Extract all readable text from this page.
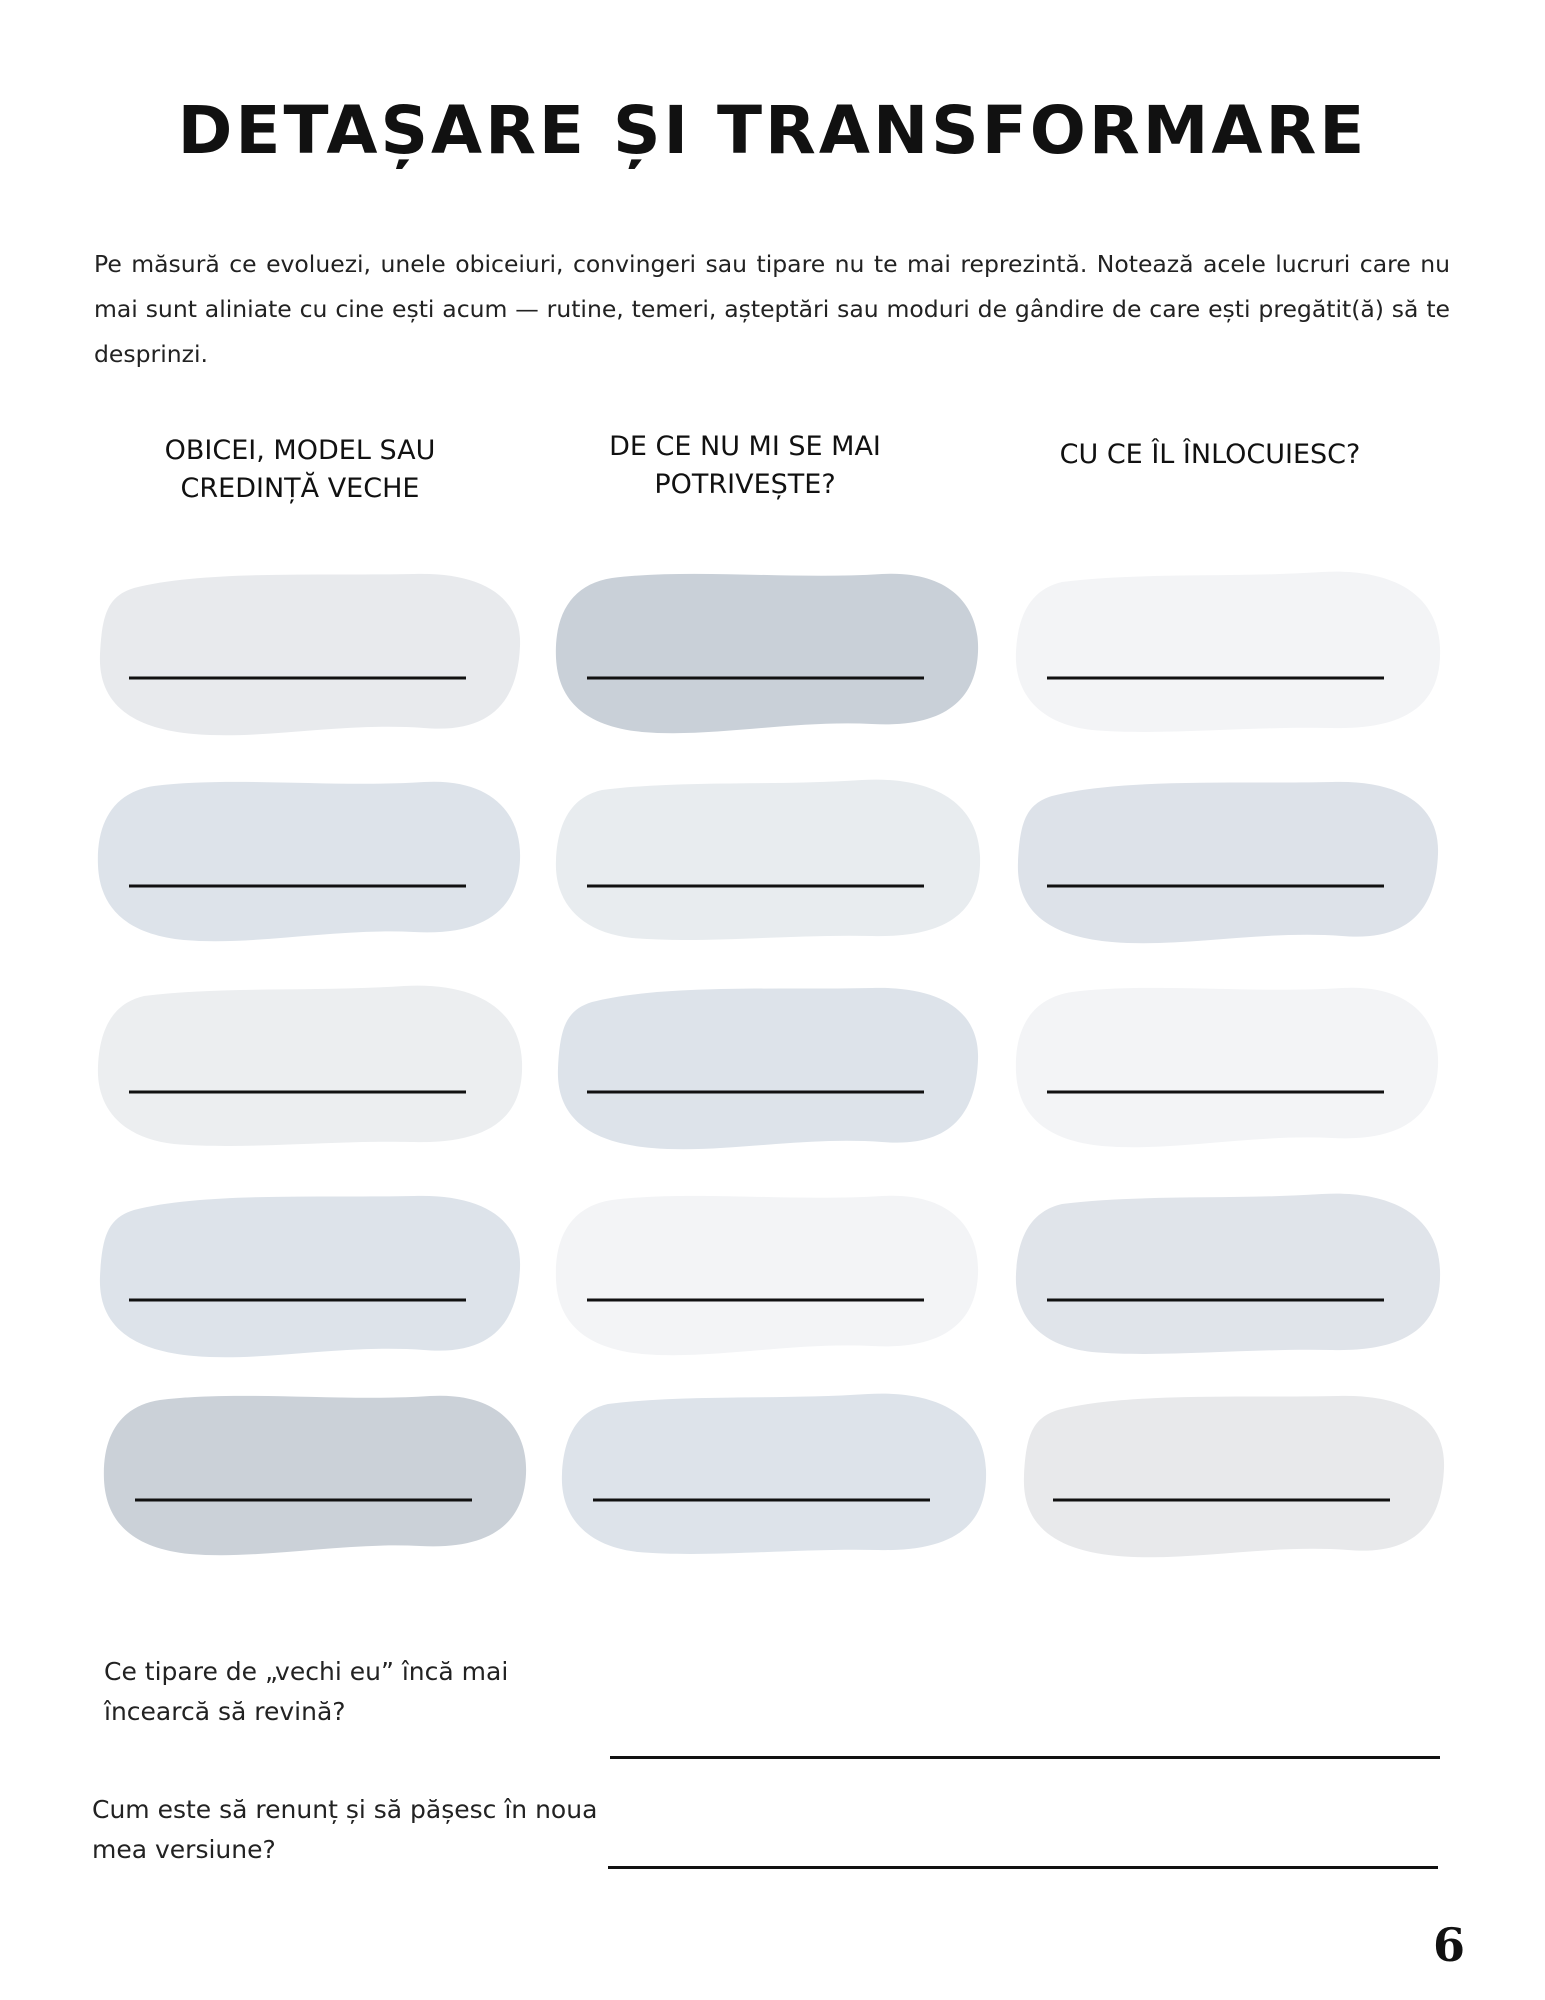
DETAȘARE ȘI TRANSFORMARE
Pe măsură ce evoluezi, unele obiceiuri, convingeri sau tipare nu te mai reprezintă. Notează acele lucruri care nu mai sunt aliniate cu cine ești acum — rutine, temeri, așteptări sau moduri de gândire de care ești pregătit(ă) să te desprinzi.
OBICEI, MODEL SAU CREDINȚĂ VECHE
DE CE NU MI SE MAI POTRIVEȘTE?
CU CE ÎL ÎNLOCUIESC?
Ce tipare de „vechi eu” încă mai încearcă să revină?
Cum este să renunț și să pășesc în noua mea versiune?
6
